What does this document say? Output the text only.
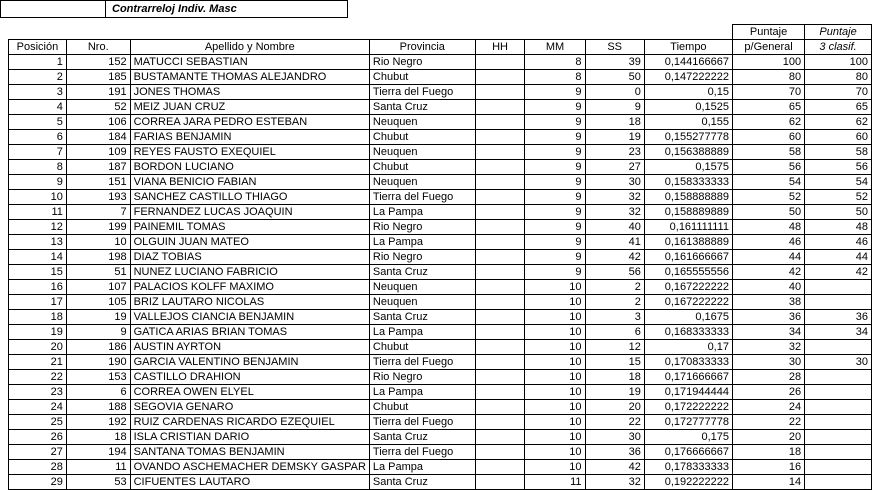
Contrarreloj Indiv. Masc
								Puntaje	Puntaje
Posición	Nro.	Apellido y Nombre	Provincia	HH	MM	SS	Tiempo	p/General	3 clasif.
1	152	MATUCCI SEBASTIAN	Rio Negro		8	39	0,144166667	100	100
2	185	BUSTAMANTE THOMAS ALEJANDRO	Chubut		8	50	0,147222222	80	80
3	191	JONES THOMAS	Tierra del Fuego		9	0	0,15	70	70
4	52	MEIZ JUAN CRUZ	Santa Cruz		9	9	0,1525	65	65
5	106	CORREA JARA PEDRO ESTEBAN	Neuquen		9	18	0,155	62	62
6	184	FARIAS BENJAMIN	Chubut		9	19	0,155277778	60	60
7	109	REYES FAUSTO EXEQUIEL	Neuquen		9	23	0,156388889	58	58
8	187	BORDON LUCIANO	Chubut		9	27	0,1575	56	56
9	151	VIANA BENICIO FABIAN	Neuquen		9	30	0,158333333	54	54
10	193	SANCHEZ CASTILLO THIAGO	Tierra del Fuego		9	32	0,158888889	52	52
11	7	FERNANDEZ LUCAS JOAQUIN	La Pampa		9	32	0,158889889	50	50
12	199	PAINEMIL TOMAS	Rio Negro		9	40	0,161111111	48	48
13	10	OLGUIN JUAN MATEO	La Pampa		9	41	0,161388889	46	46
14	198	DIAZ TOBIAS	Rio Negro		9	42	0,161666667	44	44
15	51	NUNEZ LUCIANO FABRICIO	Santa Cruz		9	56	0,165555556	42	42
16	107	PALACIOS KOLFF MAXIMO	Neuquen		10	2	0,167222222	40	
17	105	BRIZ LAUTARO NICOLAS	Neuquen		10	2	0,167222222	38	
18	19	VALLEJOS CIANCIA BENJAMIN	Santa Cruz		10	3	0,1675	36	36
19	9	GATICA ARIAS BRIAN TOMAS	La Pampa		10	6	0,168333333	34	34
20	186	AUSTIN AYRTON	Chubut		10	12	0,17	32	
21	190	GARCIA VALENTINO BENJAMIN	Tierra del Fuego		10	15	0,170833333	30	30
22	153	CASTILLO DRAHION	Rio Negro		10	18	0,171666667	28	
23	6	CORREA OWEN ELYEL	La Pampa		10	19	0,171944444	26	
24	188	SEGOVIA GENARO	Chubut		10	20	0,172222222	24	
25	192	RUIZ CARDENAS RICARDO EZEQUIEL	Tierra del Fuego		10	22	0,172777778	22	
26	18	ISLA CRISTIAN DARIO	Santa Cruz		10	30	0,175	20	
27	194	SANTANA TOMAS BENJAMIN	Tierra del Fuego		10	36	0,176666667	18	
28	11	OVANDO ASCHEMACHER DEMSKY GASPAR	La Pampa		10	42	0,178333333	16	
29	53	CIFUENTES LAUTARO	Santa Cruz		11	32	0,192222222	14	
